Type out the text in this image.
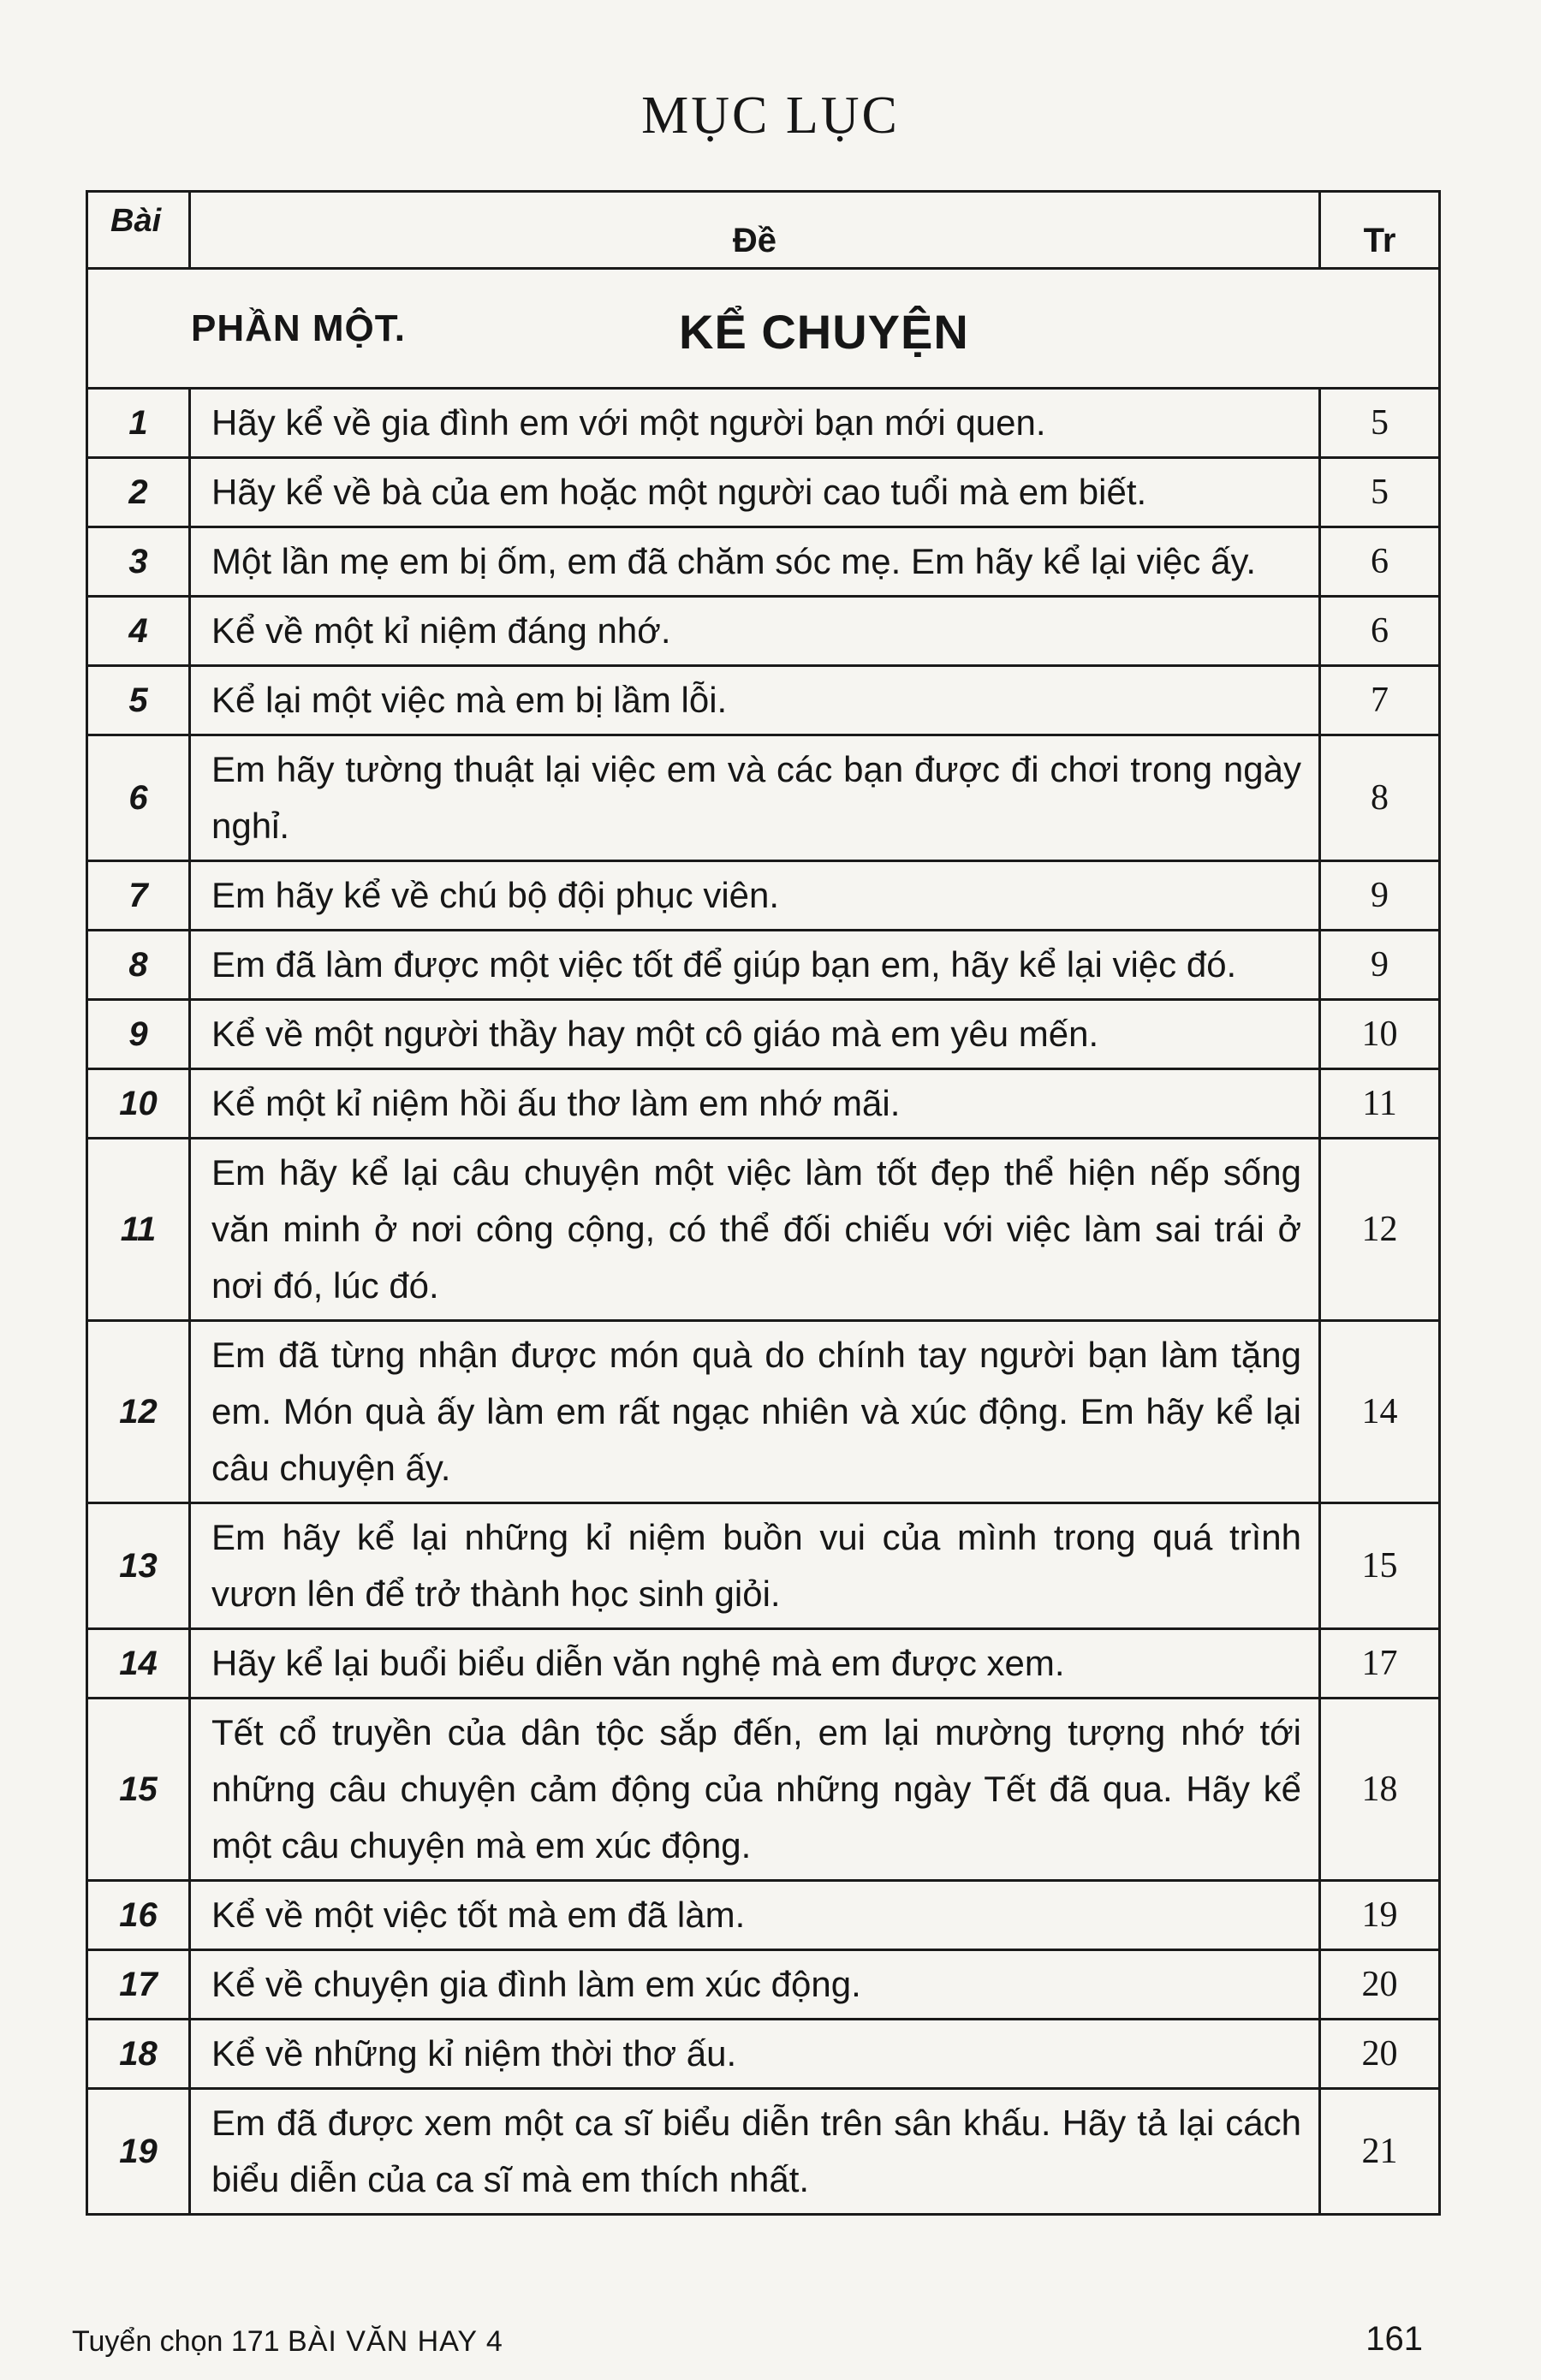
MỤC LỤC
Bài	Đề	Tr

PHẦN MỘT. KỂ CHUYỆN		

1	Hãy kể về gia đình em với một người bạn mới quen.	5
2	Hãy kể về bà của em hoặc một người cao tuổi mà em biết.	5
3	Một lần mẹ em bị ốm, em đã chăm sóc mẹ. Em hãy kể lại việc ấy.	6
4	Kể về một kỉ niệm đáng nhớ.	6
5	Kể lại một việc mà em bị lầm lỗi.	7
6	Em hãy tường thuật lại việc em và các bạn được đi chơi trong ngày nghỉ.	8
7	Em hãy kể về chú bộ đội phục viên.	9
8	Em đã làm được một việc tốt để giúp bạn em, hãy kể lại việc đó.	9
9	Kể về một người thầy hay một cô giáo mà em yêu mến.	10
10	Kể một kỉ niệm hồi ấu thơ làm em nhớ mãi.	11
11	Em hãy kể lại câu chuyện một việc làm tốt đẹp thể hiện nếp sống văn minh ở nơi công cộng, có thể đối chiếu với việc làm sai trái ở nơi đó, lúc đó.	12
12	Em đã từng nhận được món quà do chính tay người bạn làm tặng em. Món quà ấy làm em rất ngạc nhiên và xúc động. Em hãy kể lại câu chuyện ấy.	14
13	Em hãy kể lại những kỉ niệm buồn vui của mình trong quá trình vươn lên để trở thành học sinh giỏi.	15
14	Hãy kể lại buổi biểu diễn văn nghệ mà em được xem.	17
15	Tết cổ truyền của dân tộc sắp đến, em lại mường tượng nhớ tới những câu chuyện cảm động của những ngày Tết đã qua. Hãy kể một câu chuyện mà em xúc động.	18
16	Kể về một việc tốt mà em đã làm.	19
17	Kể về chuyện gia đình làm em xúc động.	20
18	Kể về những kỉ niệm thời thơ ấu.	20
19	Em đã được xem một ca sĩ biểu diễn trên sân khấu. Hãy tả lại cách biểu diễn của ca sĩ mà em thích nhất.	21
Tuyển chọn 171 BÀI VĂN HAY 4	161
